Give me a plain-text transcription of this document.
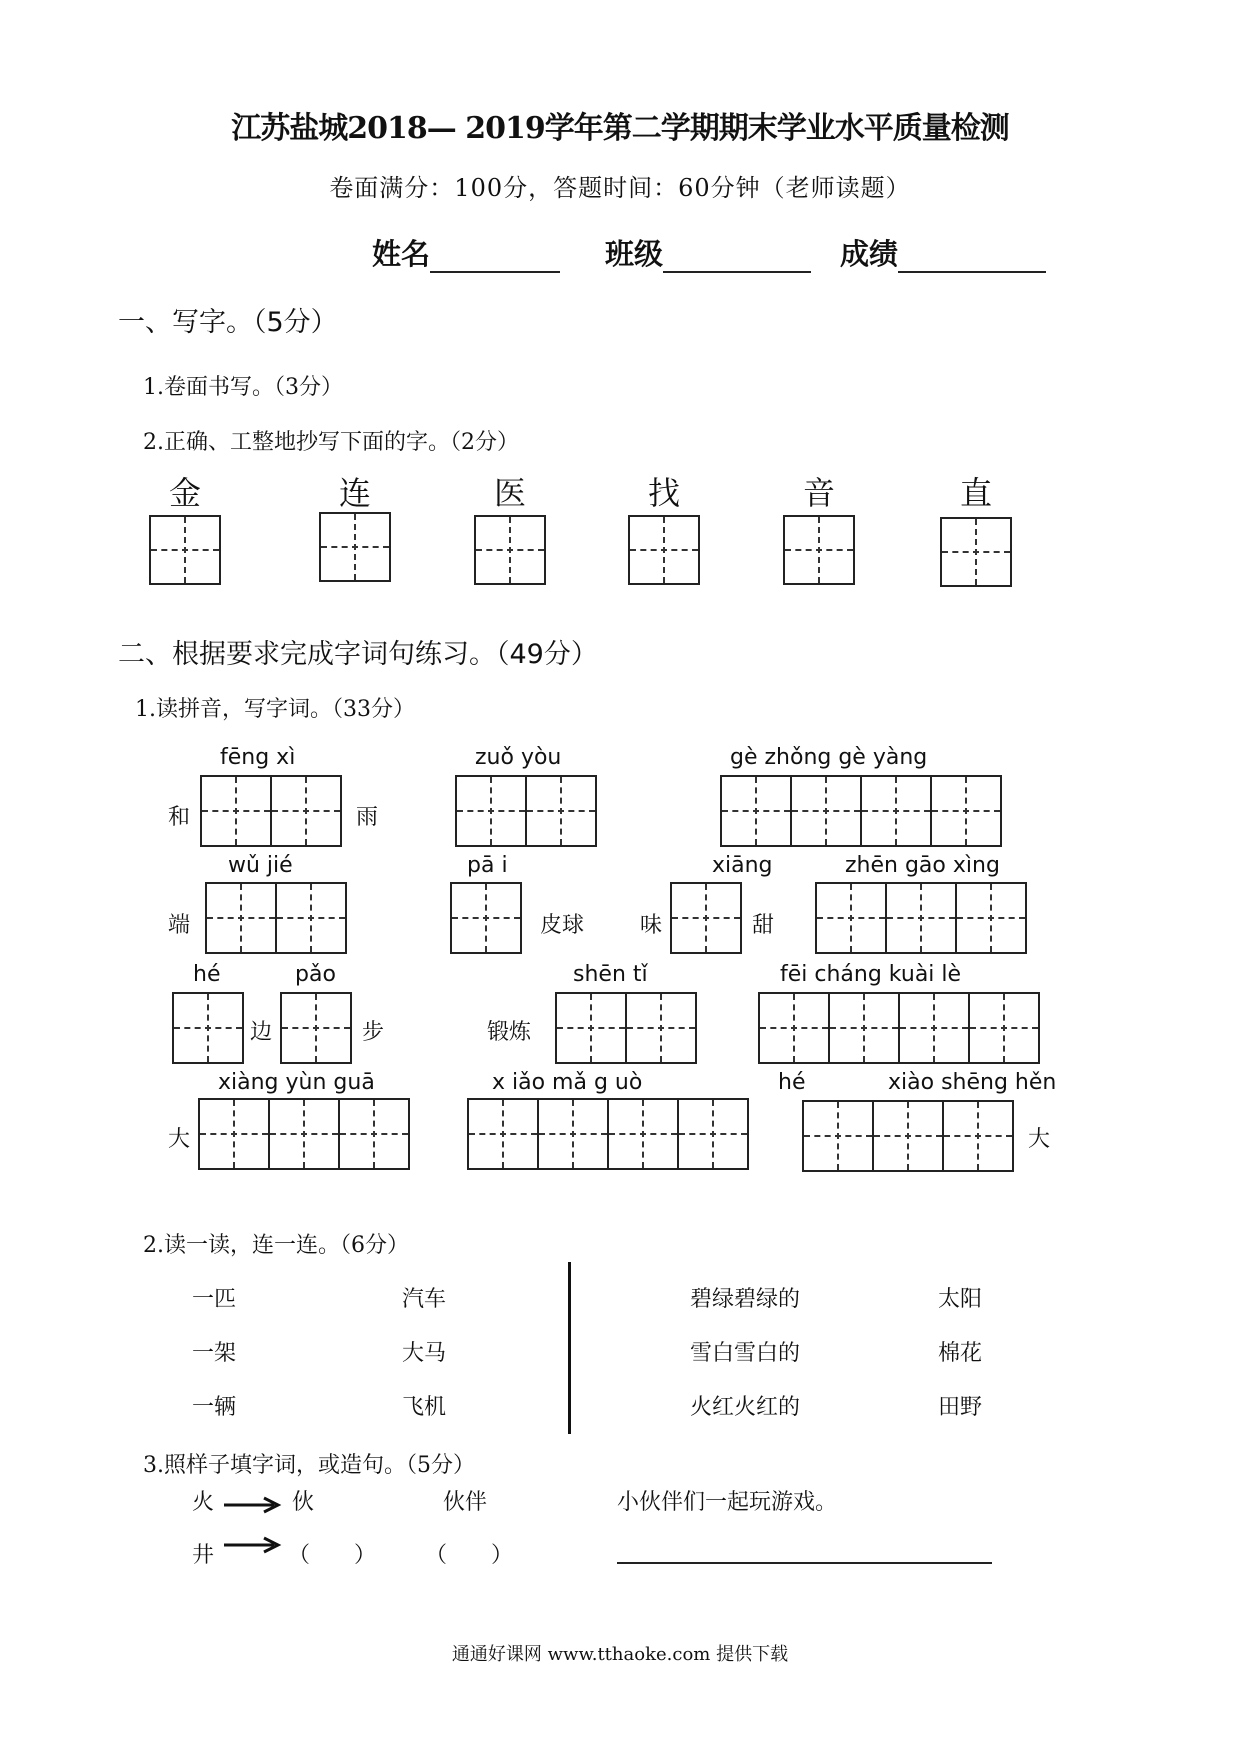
江苏盐城2018— 2019学年第二学期期末学业水平质量检测
卷面满分：100分，答题时间：60分钟（老师读题）
姓名	班级	成绩
一、写字。（5分）
1.卷面书写。（3分）
2.正确、工整地抄写下面的字。（2分）
金	连	医	找	音	直
二、根据要求完成字词句练习。（49分）
1.读拼音，写字词。（33分）
fēng xì
和	雨
zuǒ yòu	gè zhǒng gè yàng
wǔ jié
端
pā i
皮球	味
xiāng
甜
zhēn gāo xìng
hé
边
pǎo
步	锻炼
shēn tǐ	fēi cháng kuài lè
大
xiàng yùn guā	x iǎo mǎ g uò	hé	xiào shēng hěn
大
2.读一读，连一连。（6分）
一匹	汽车
一架	大马
一辆	飞机
碧绿碧绿的	太阳
雪白雪白的	棉花
火红火红的	田野
3.照样子填字词，或造句。（5分）
火	伙	伙伴	小伙伴们一起玩游戏。
井	（　　） （　　）
通通好课网 www.tthaoke.com 提供下载
